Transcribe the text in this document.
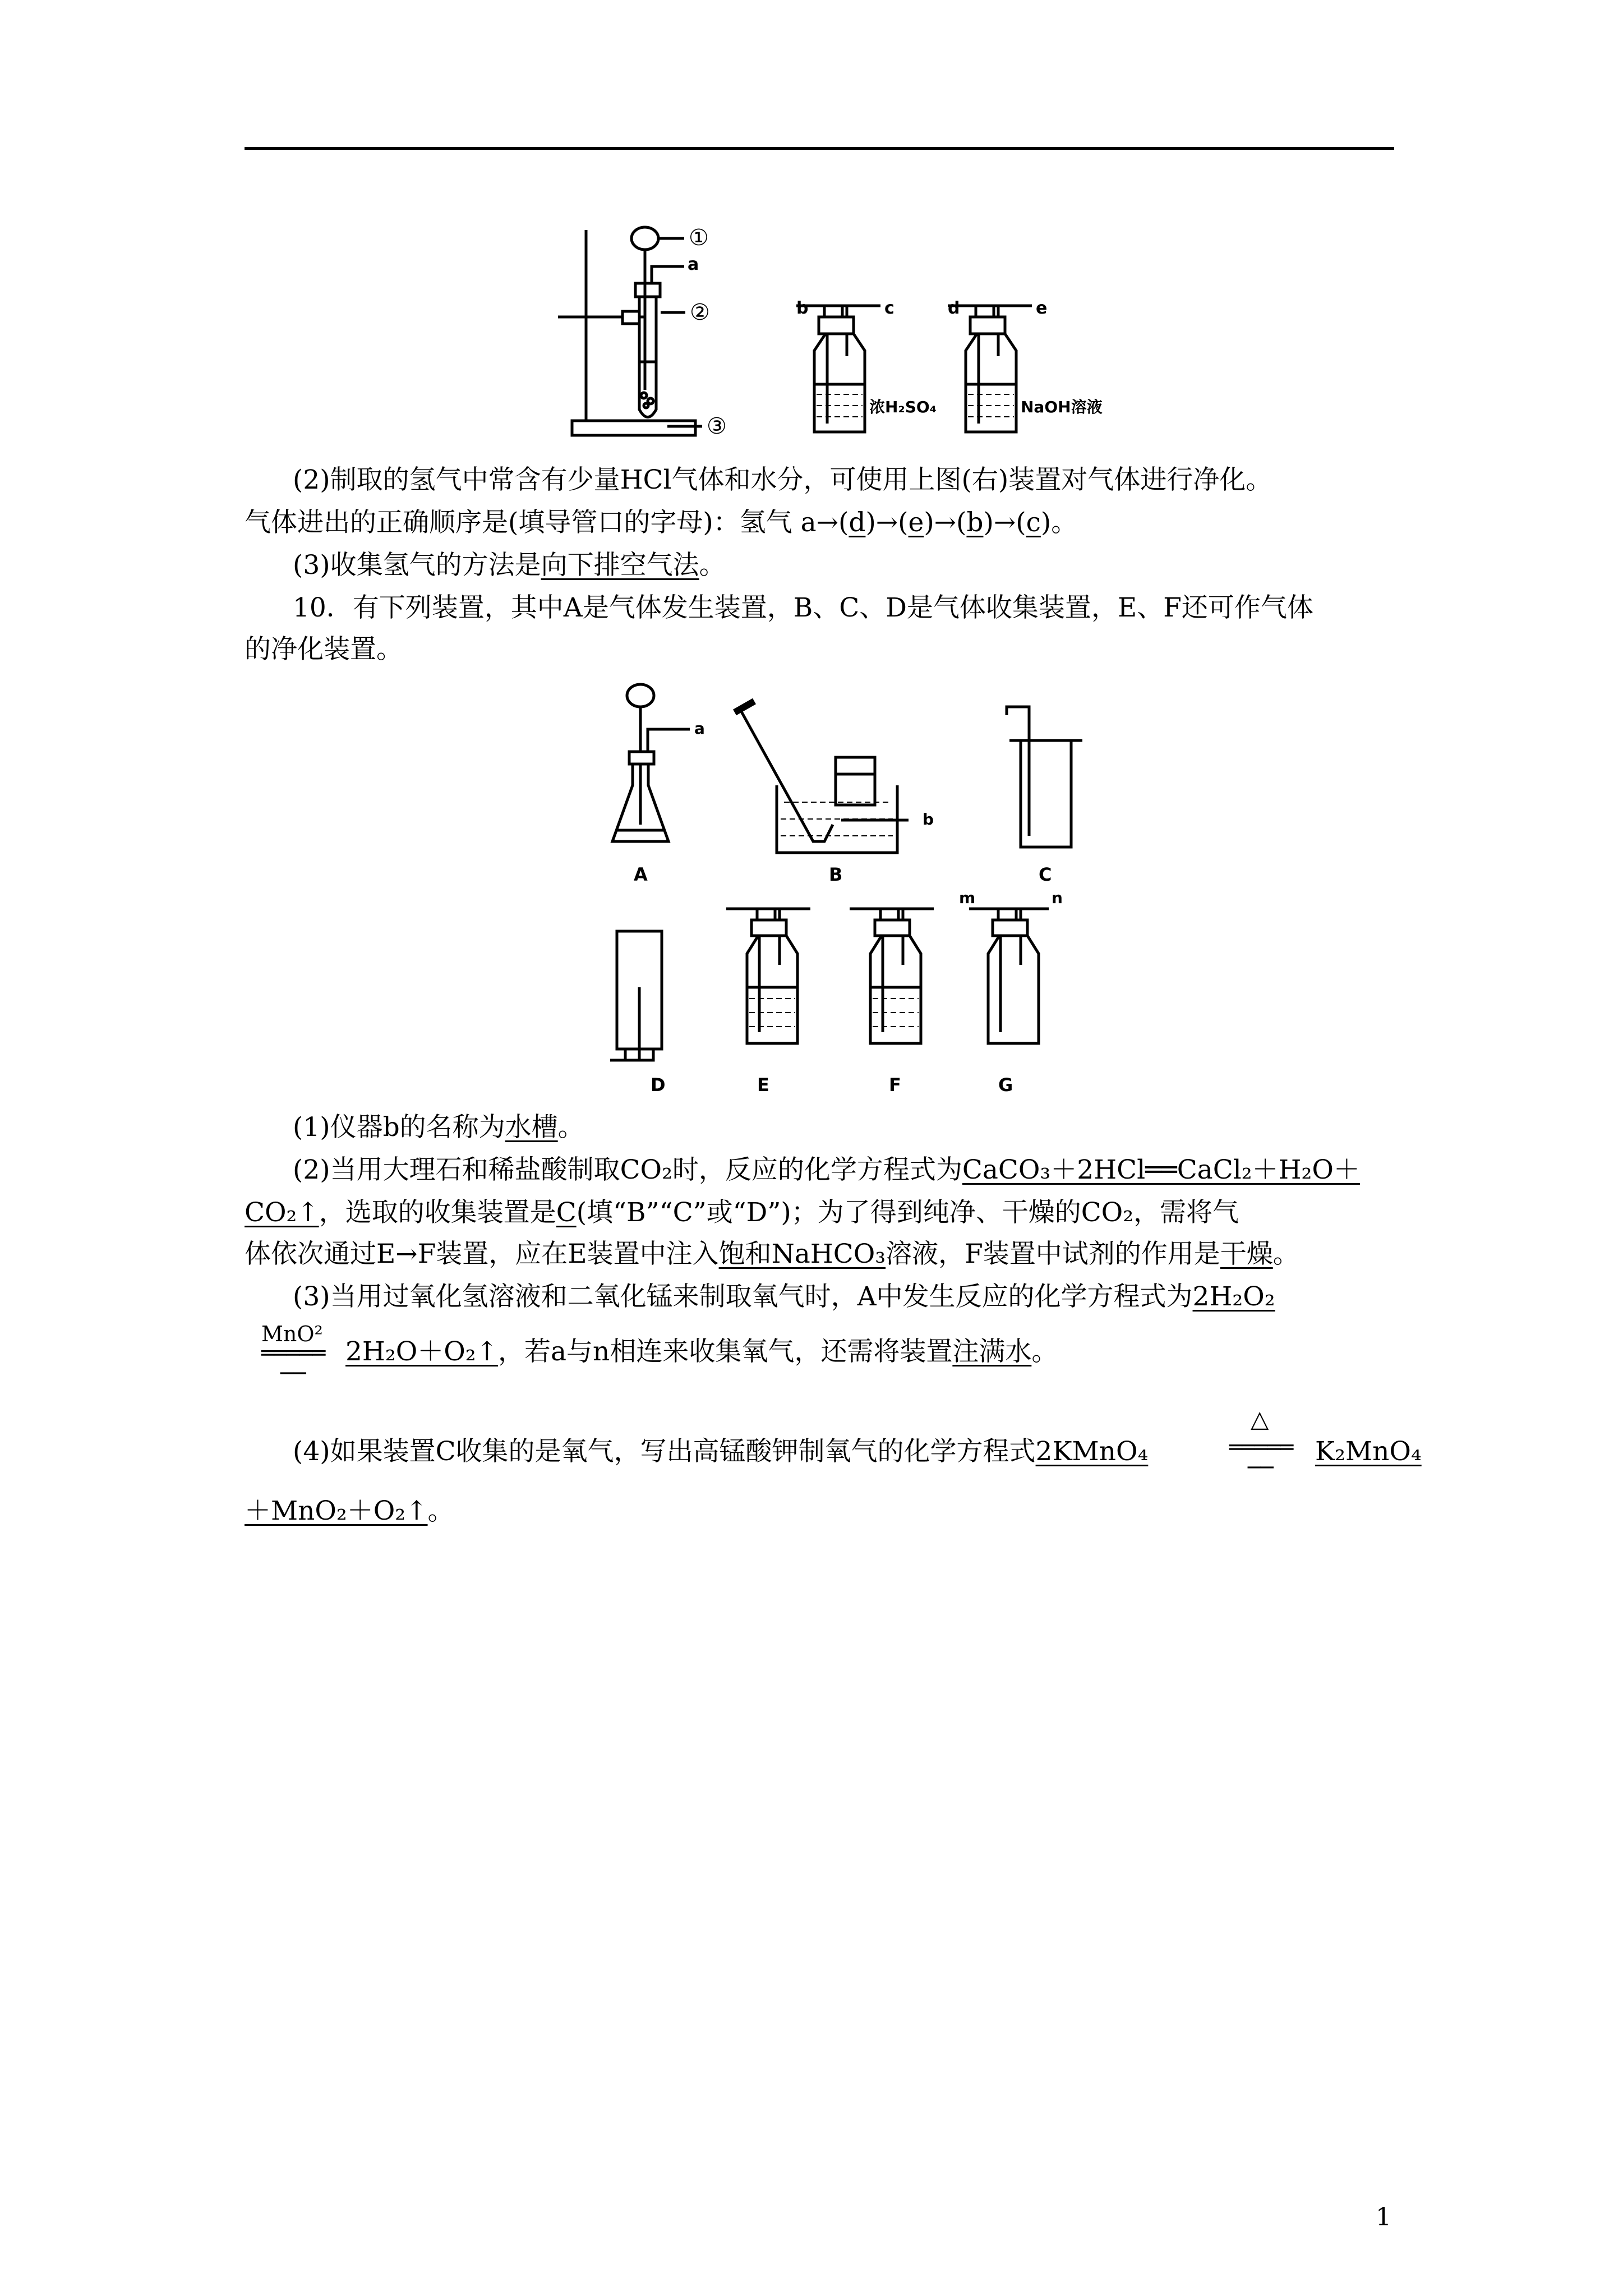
①
②
③
a
b	c	d	e
浓H₂SO₄	NaOH溶液
(2)制取的氢气中常含有少量HCl气体和水分，可使用上图(右)装置对气体进行净化。
气体进出的正确顺序是(填导管口的字母)：氢气 a→(d)→(e)→(b)→(c)。
(3)收集氢气的方法是向下排空气法。
10．有下列装置，其中A是气体发生装置，B、C、D是气体收集装置，E、F还可作气体
的净化装置。
A	B	C
D	E	F	G
a
b
m	n
(1)仪器b的名称为水槽。
(2)当用大理石和稀盐酸制取CO₂时，反应的化学方程式为CaCO₃＋2HCl══CaCl₂＋H₂O＋
CO₂↑，选取的收集装置是C(填“B”“C”或“D”)；为了得到纯净、干燥的CO₂，需将气
体依次通过E→F装置，应在E装置中注入饱和NaHCO₃溶液，F装置中试剂的作用是干燥。
(3)当用过氧化氢溶液和二氧化锰来制取氧气时，A中发生反应的化学方程式为2H₂O₂
MnO²
═════
──
2H₂O＋O₂↑，若a与n相连来收集氧气，还需将装置注满水。
(4)如果装置C收集的是氧气，写出高锰酸钾制氧气的化学方程式2KMnO₄
△
═════
──
K₂MnO₄
＋MnO₂＋O₂↑。
1
